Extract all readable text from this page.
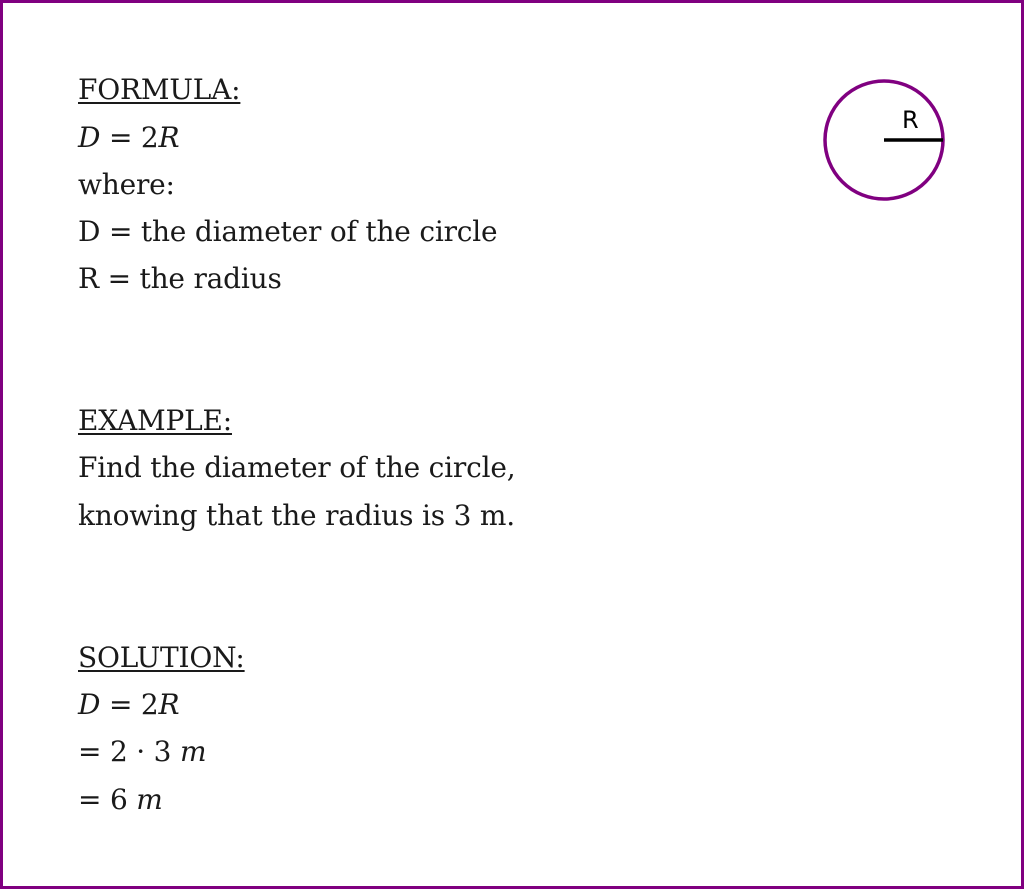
FORMULA:
D = 2R
where:
D = the diameter of the circle
R = the radius
R
EXAMPLE:
Find the diameter of the circle,
knowing that the radius is 3 m.
SOLUTION:
D = 2R
= 2 · 3 m
= 6 m
